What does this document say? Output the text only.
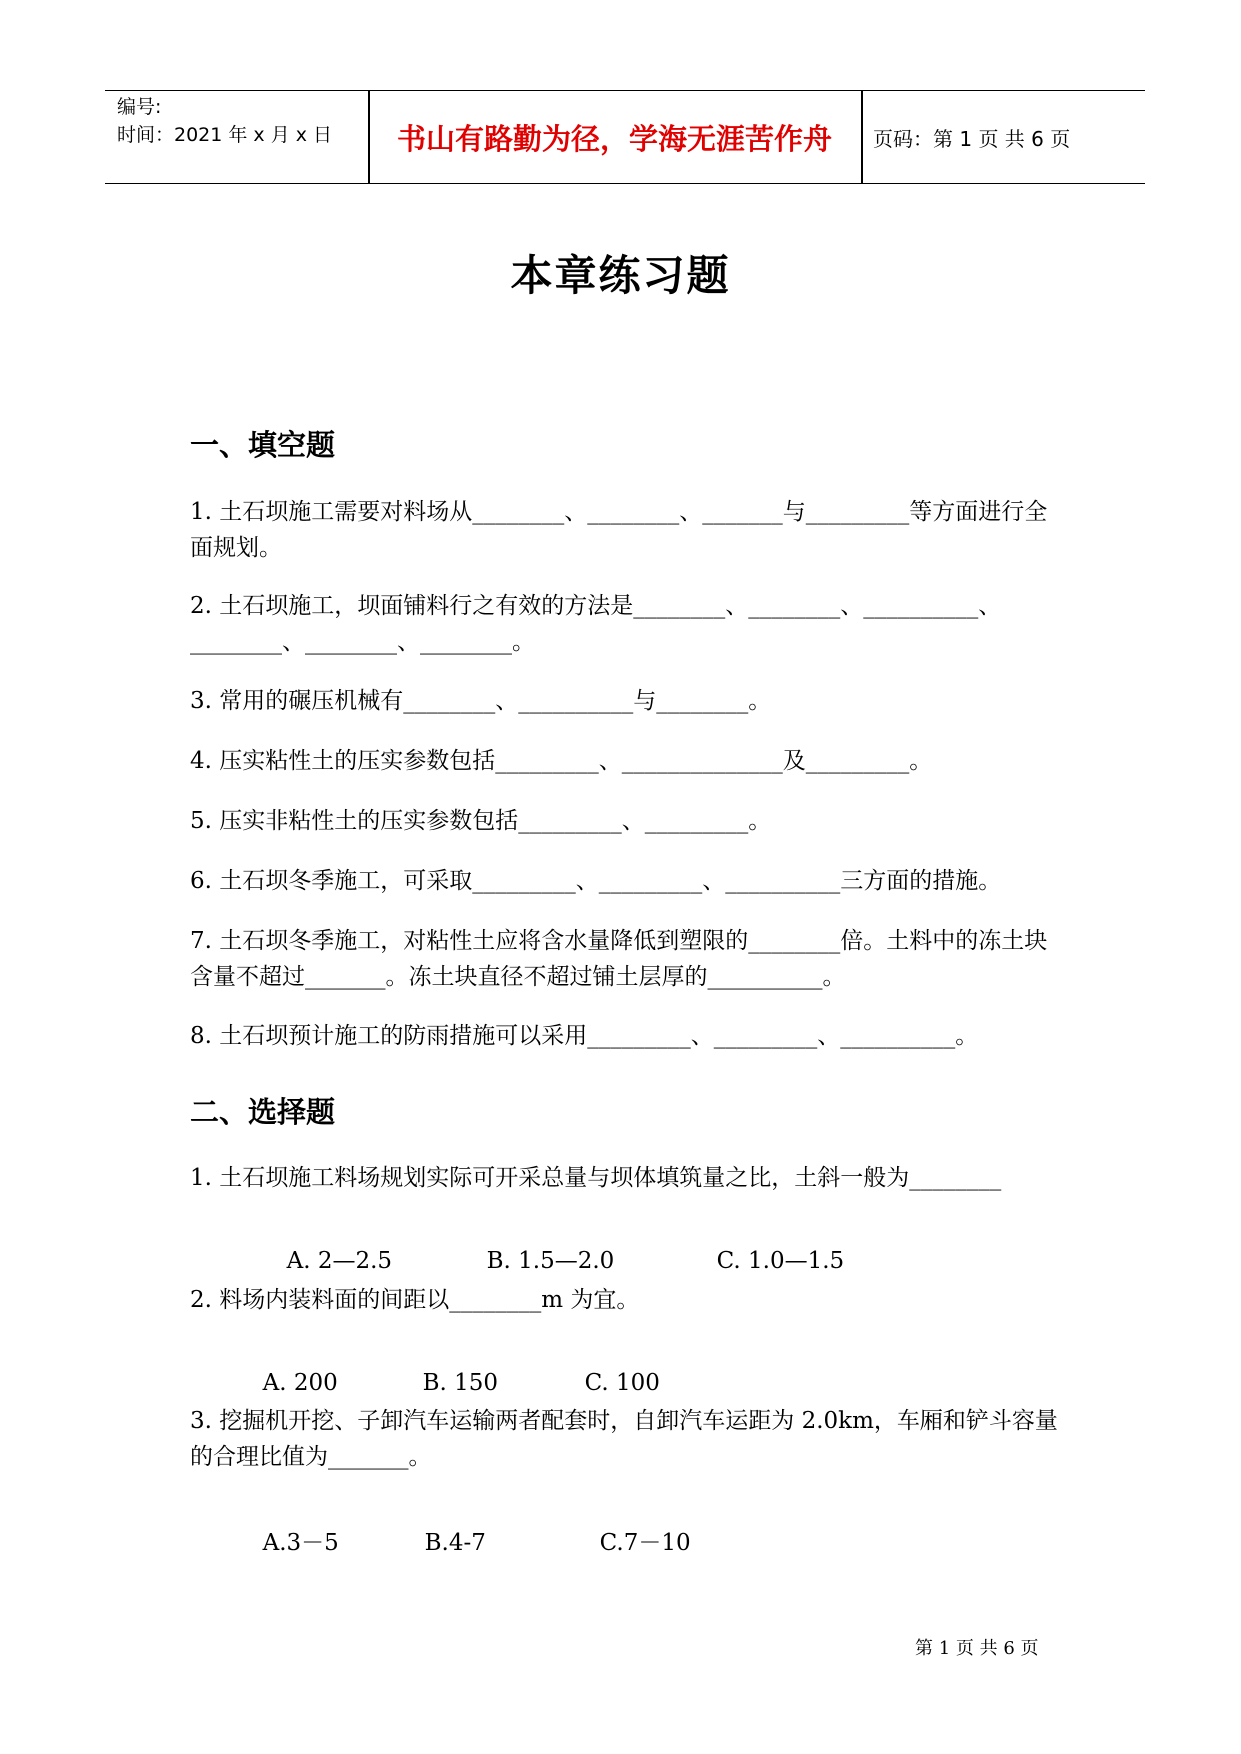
编号:
时间：2021 年 x 月 x 日	书山有路勤为径，学海无涯苦作舟	页码：第 1 页 共 6 页
本章练习题
一、填空题
1. 土石坝施工需要对料场从________、________、_______与_________等方面进行全面规划。
2. 土石坝施工，坝面铺料行之有效的方法是________、________、__________、________、________、________。
3. 常用的碾压机械有________、__________与________。
4. 压实粘性土的压实参数包括_________、______________及_________。
5. 压实非粘性土的压实参数包括_________、_________。
6. 土石坝冬季施工，可采取_________、_________、__________三方面的措施。
7. 土石坝冬季施工，对粘性土应将含水量降低到塑限的________倍。土料中的冻土块含量不超过_______。冻土块直径不超过铺土层厚的__________。
8. 土石坝预计施工的防雨措施可以采用_________、_________、__________。
二、选择题
1. 土石坝施工料场规划实际可开采总量与坝体填筑量之比，土斜一般为________

A. 2—2.5	B. 1.5—2.0	C. 1.0—1.5

2. 料场内装料面的间距以________m 为宜。

A. 200	B. 150	C. 100

3. 挖掘机开挖、子卸汽车运输两者配套时，自卸汽车运距为 2.0km，车厢和铲斗容量的合理比值为_______。

A.3－5	B.4-7	C.7－10

第 1 页 共 6 页
